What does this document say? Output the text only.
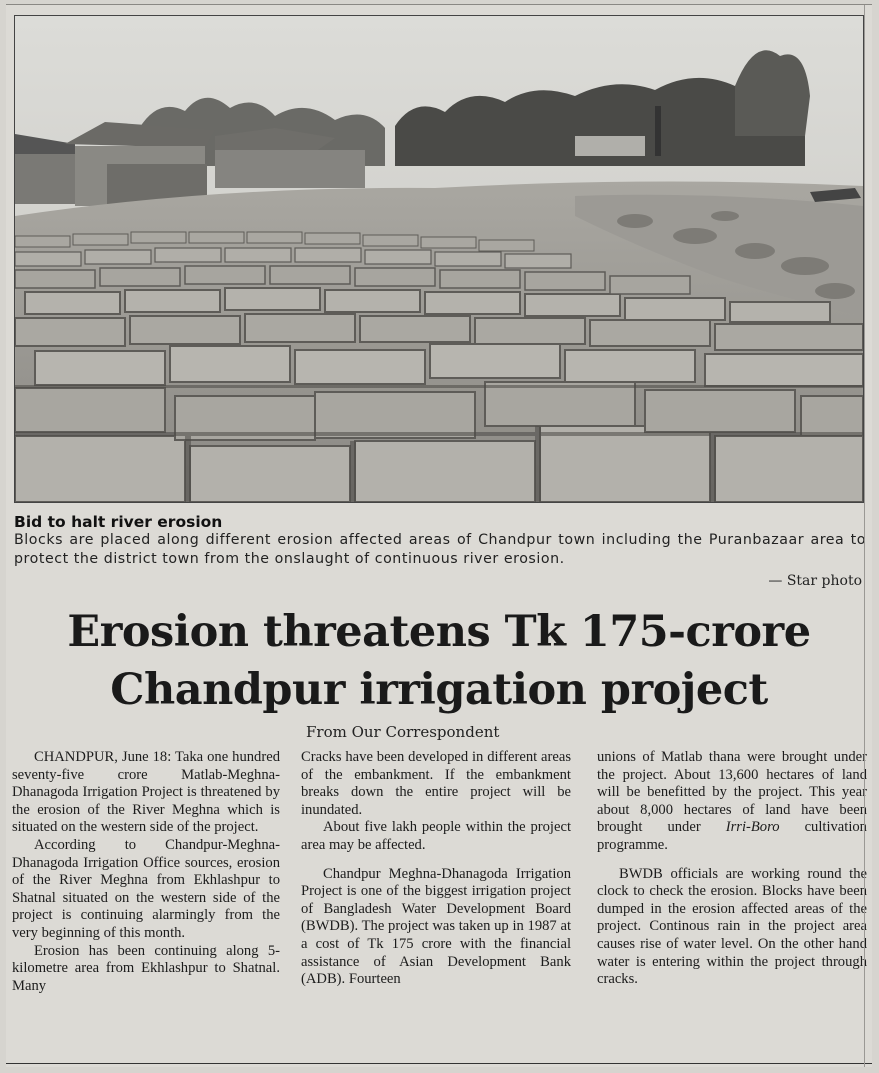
Bid to halt river erosion
Blocks are placed along different erosion affected areas of Chandpur town including the Puranbazaar area to protect the district town from the onslaught of continuous river erosion.
— Star photo
Erosion threatens Tk 175-crore
Chandpur irrigation project
From Our Correspondent

CHANDPUR, June 18: Taka one hundred seventy-five crore Matlab-Meghna-Dhanagoda Irrigation Project is threatened by the erosion of the River Meghna which is situated on the western side of the project.

According to Chandpur-Meghna-Dhanagoda Irrigation Office sources, erosion of the River Meghna from Ekhlashpur to Shatnal situated on the western side of the project is continuing alarmingly from the very beginning of this month.

Erosion has been continuing along 5-kilometre area from Ekhlashpur to Shatnal. Many

Cracks have been developed in different areas of the embankment. If the embankment breaks down the entire project will be inundated.

About five lakh people within the project area may be affected.

Chandpur Meghna-Dhanagoda Irrigation Project is one of the biggest irrigation project of Bangladesh Water Development Board (BWDB). The project was taken up in 1987 at a cost of Tk 175 crore with the financial assistance of Asian Development Bank (ADB). Fourteen

unions of Matlab thana were brought under the project. About 13,600 hectares of land will be benefitted by the project. This year about 8,000 hectares of land have been brought under Irri-Boro cultivation programme.

BWDB officials are working round the clock to check the erosion. Blocks have been dumped in the erosion affected areas of the project. Continous rain in the project area causes rise of water level. On the other hand water is entering within the project through cracks.
